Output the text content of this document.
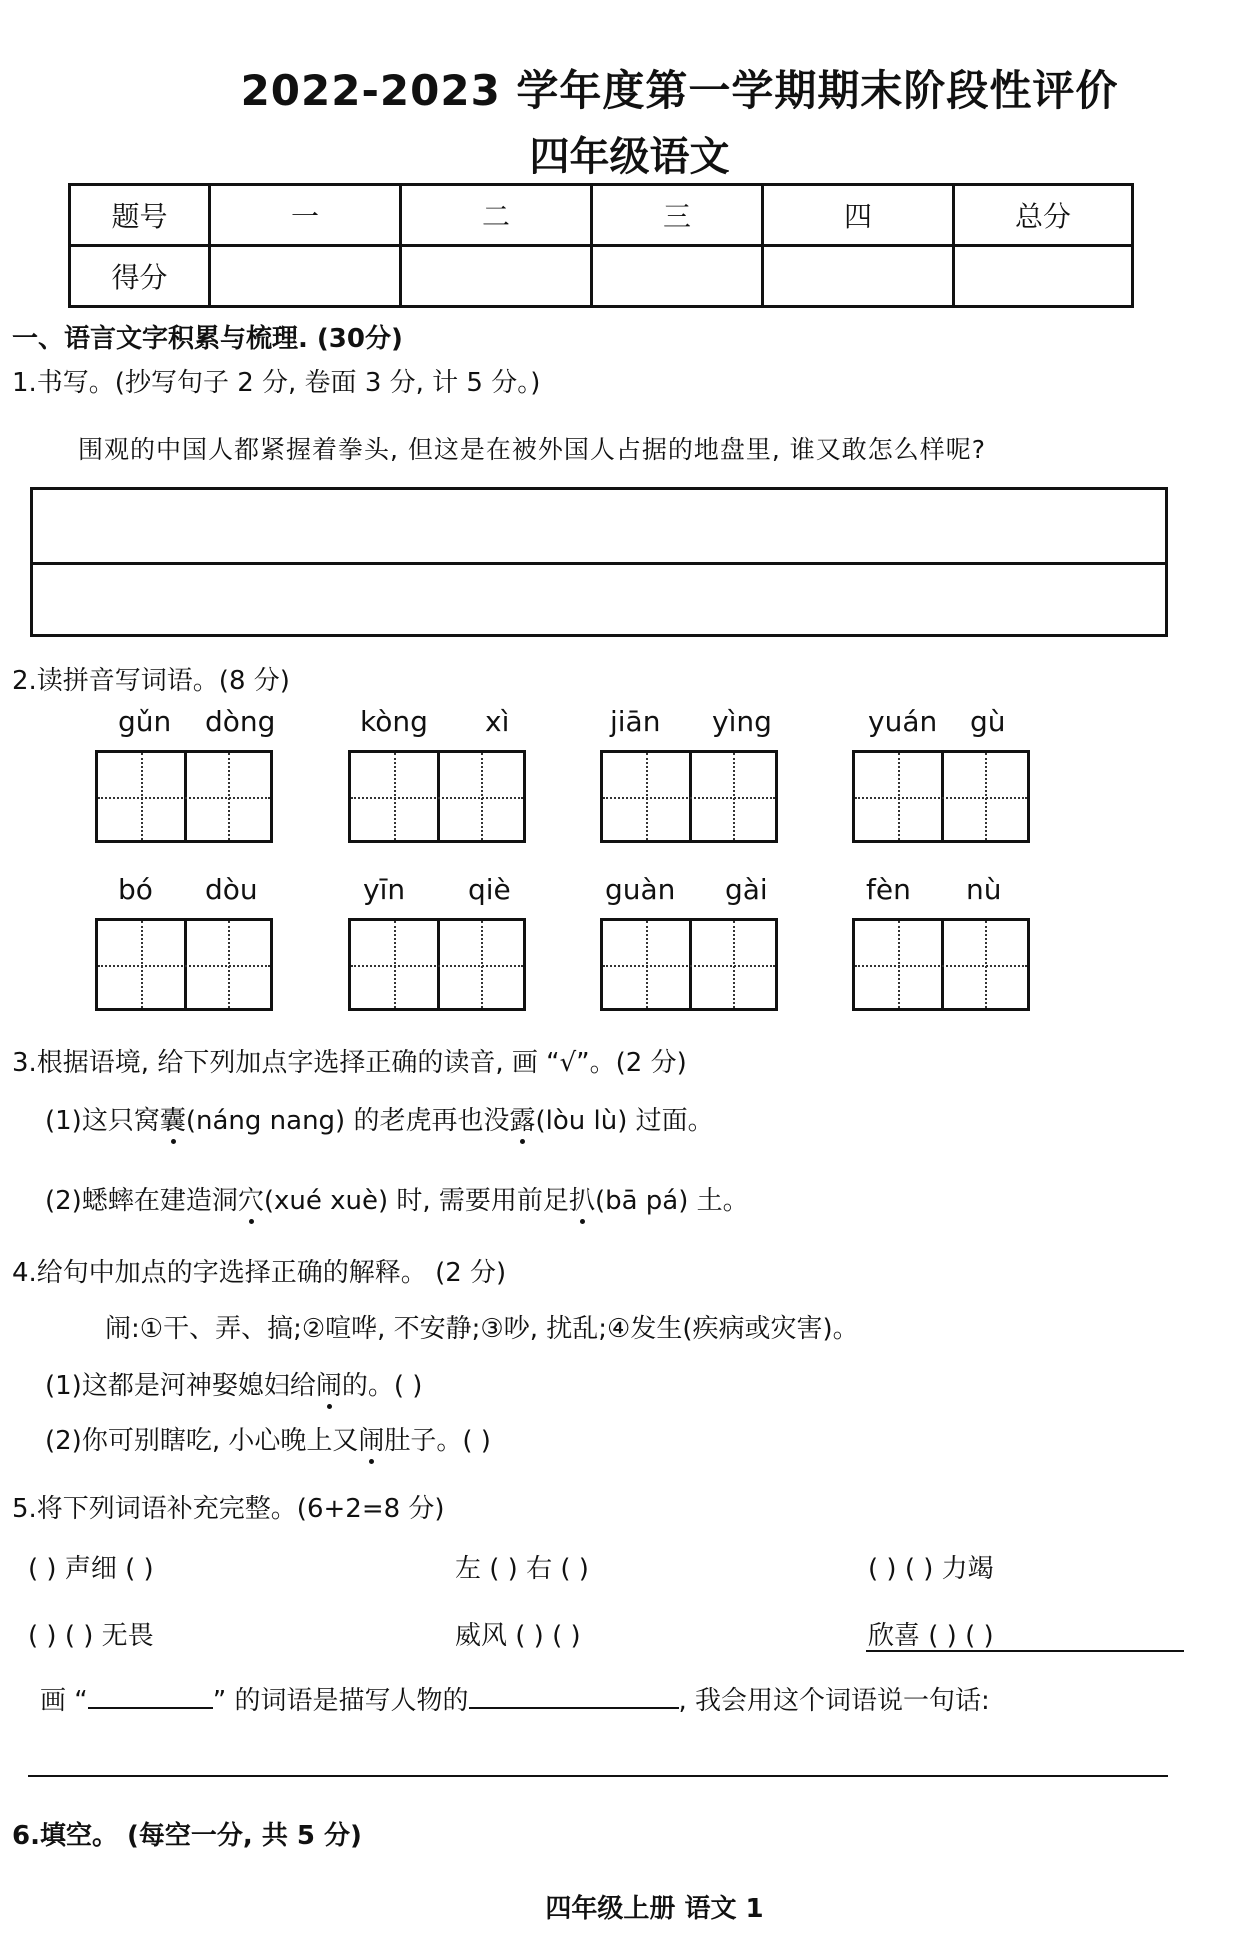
2022-2023 学年度第一学期期末阶段性评价
四年级语文
题号	一	二	三	四	总分
得分					
一、语言文字积累与梳理. (30分)
1.书写。(抄写句子 2 分, 卷面 3 分, 计 5 分。)
围观的中国人都紧握着拳头, 但这是在被外国人占据的地盘里, 谁又敢怎么样呢?
2.读拼音写词语。(8 分)
gǔn dòng	kòng xì	jiān yìng	yuán gù
bó dòu	yīn qiè	guàn gài	fèn nù
3.根据语境, 给下列加点字选择正确的读音, 画 “√”。(2 分)
(1)这只窝囊(náng nang) 的老虎再也没露(lòu lù) 过面。
(2)蟋蟀在建造洞穴(xué xuè) 时, 需要用前足扒(bā pá) 土。
4.给句中加点的字选择正确的解释。 (2 分)
闹:①干、弄、搞;②喧哗, 不安静;③吵, 扰乱;④发生(疾病或灾害)。
(1)这都是河神娶媳妇给闹的。( )
(2)你可别瞎吃, 小心晚上又闹肚子。( )
5.将下列词语补充完整。(6+2=8 分)
( ) 声细 ( )	左 ( ) 右 ( )	( ) ( ) 力竭
( ) ( ) 无畏	威风 ( ) ( )	欣喜 ( ) ( )
画 “	” 的词语是描写人物的	, 我会用这个词语说一句话:
6.填空。 (每空一分, 共 5 分)
四年级上册 语文 1
